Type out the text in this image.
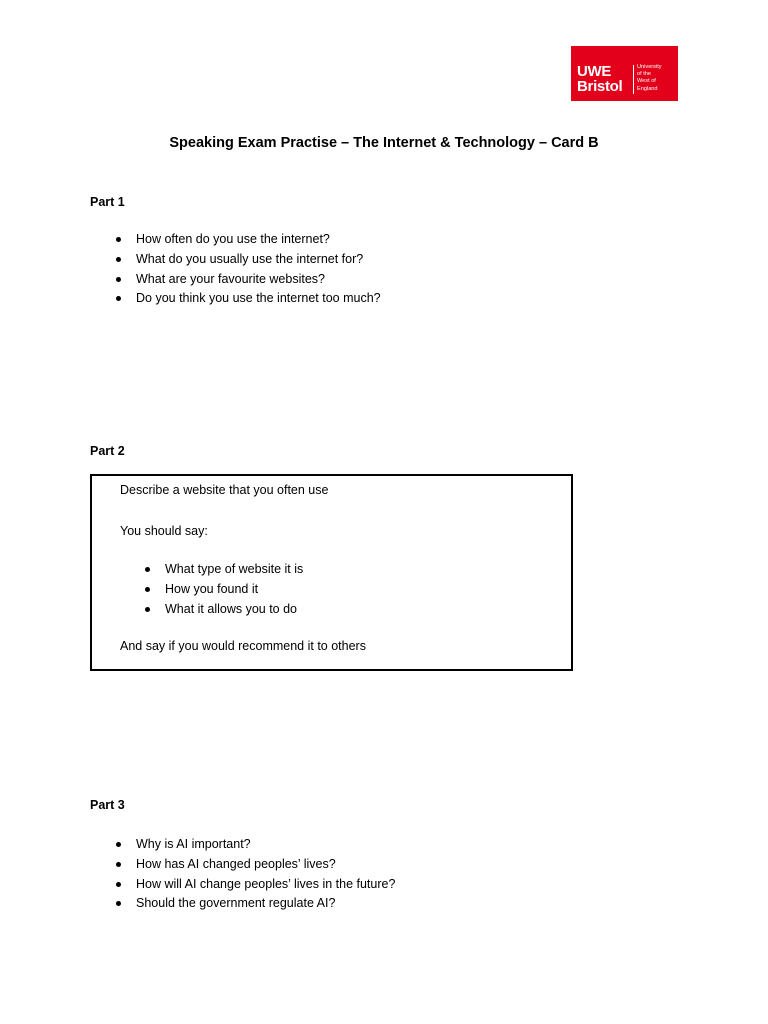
UWE
Bristol
University
of the
West of
England
Speaking Exam Practise – The Internet & Technology – Card B
Part 1
How often do you use the internet?
What do you usually use the internet for?
What are your favourite websites?
Do you think you use the internet too much?
Part 2
Describe a website that you often use
You should say:
What type of website it is
How you found it
What it allows you to do
And say if you would recommend it to others
Part 3
Why is AI important?
How has AI changed peoples’ lives?
How will AI change peoples’ lives in the future?
Should the government regulate AI?
